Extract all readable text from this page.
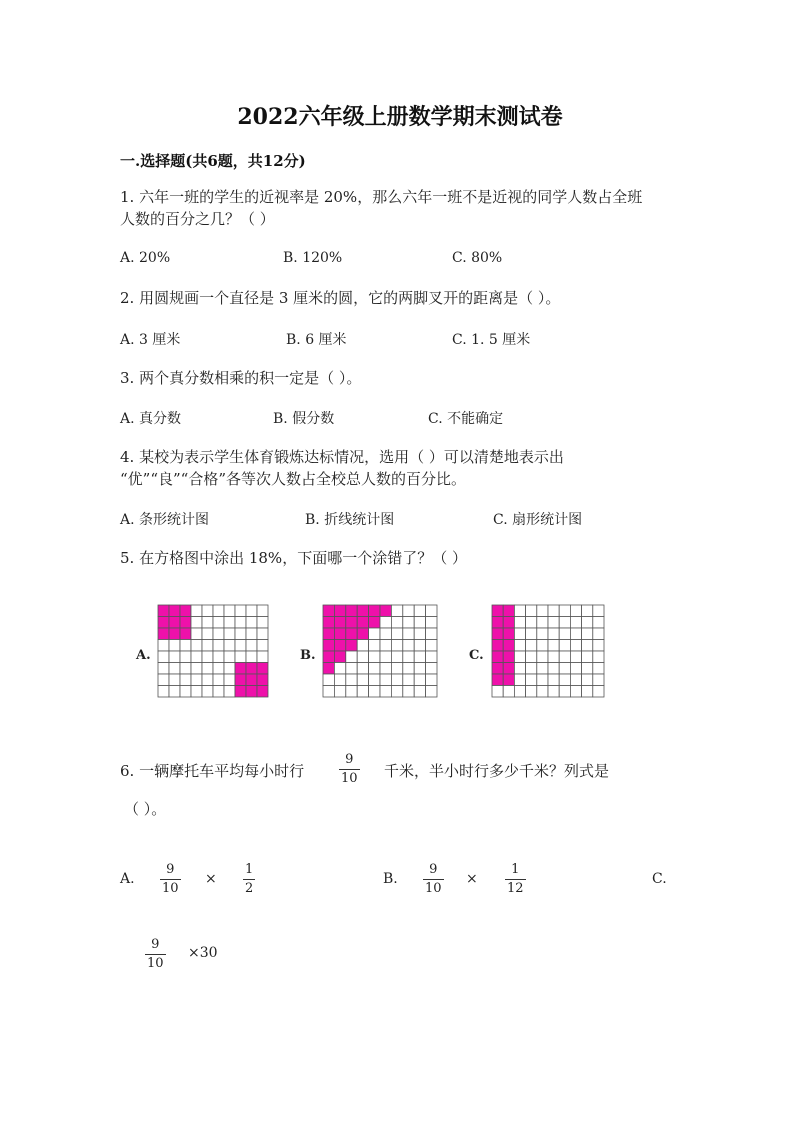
2022六年级上册数学期末测试卷
一.选择题(共6题，共12分)
1. 六年一班的学生的近视率是 20%，那么六年一班不是近视的同学人数占全班
人数的百分之几？（ ）
A. 20%	B. 120%	C. 80%
2. 用圆规画一个直径是 3 厘米的圆，它的两脚叉开的距离是（ ）。
A. 3 厘米	B. 6 厘米	C. 1. 5 厘米
3. 两个真分数相乘的积一定是（ ）。
A. 真分数	B. 假分数	C. 不能确定
4. 某校为表示学生体育锻炼达标情况，选用（ ）可以清楚地表示出
“优”“良”“合格”各等次人数占全校总人数的百分比。
A. 条形统计图	B. 折线统计图	C. 扇形统计图
5. 在方格图中涂出 18%，下面哪一个涂错了？（ ）
A.	B.	C.
6. 一辆摩托车平均每小时行
9
10 千米，半小时行多少千米？列式是
（ ）。
A.
9
10
×
1
2
B.
9
10
×
1
12
C.
9
10
×30
